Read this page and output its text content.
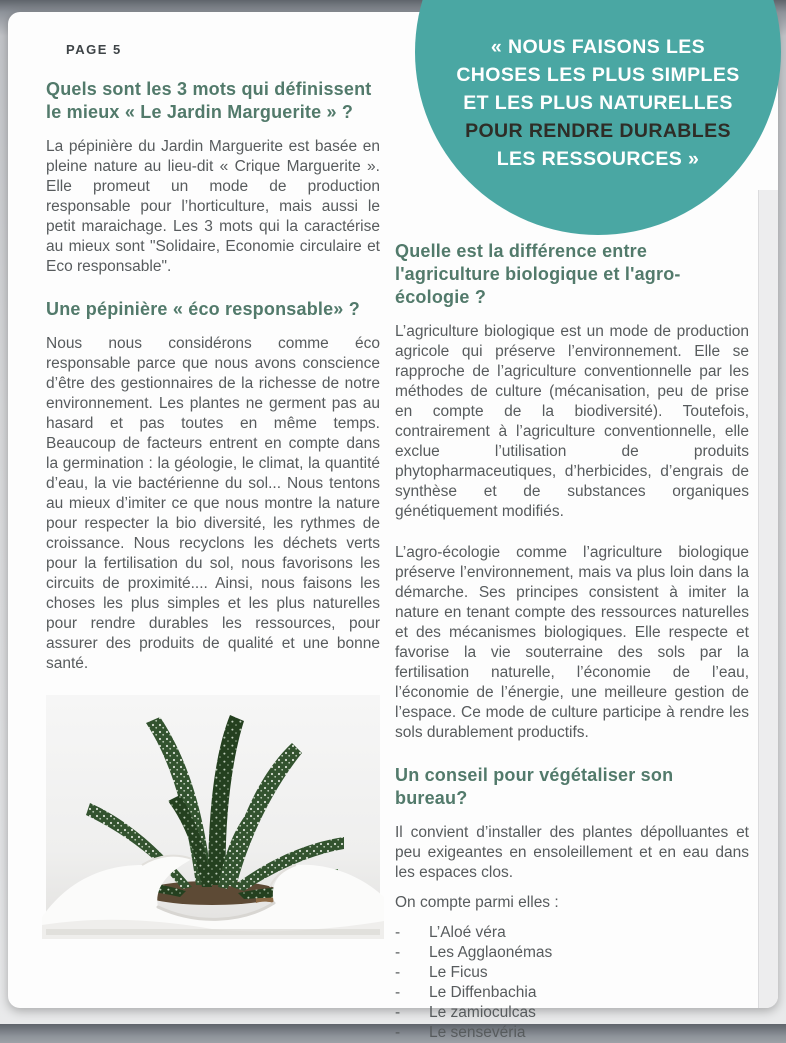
« NOUS FAISONS LES
CHOSES LES PLUS SIMPLES
ET LES PLUS NATURELLES
POUR RENDRE DURABLES
LES RESSOURCES »
PAGE 5
Quels sont les 3 mots qui définissent le mieux « Le Jardin Marguerite » ?

La pépinière du Jardin Marguerite est basée en pleine nature au lieu-dit « Crique Marguerite ». Elle promeut un mode de production responsable pour l’horticulture, mais aussi le petit maraichage. Les 3 mots qui la caractérise au mieux sont "Solidaire, Economie circulaire et Eco responsable".

Une pépinière « éco responsable» ?

Nous nous considérons comme éco responsable parce que nous avons conscience d’être des gestionnaires de la richesse de notre environnement. Les plantes ne germent pas au hasard et pas toutes en même temps. Beaucoup de facteurs entrent en compte dans la germination : la géologie, le climat, la quantité d’eau, la vie bactérienne du sol... Nous tentons au mieux d’imiter ce que nous montre la nature pour respecter la bio diversité, les rythmes de croissance. Nous recyclons les déchets verts pour la fertilisation du sol, nous favorisons les circuits de proximité.... Ainsi, nous faisons les choses les plus simples et les plus naturelles pour rendre durables les ressources, pour assurer des produits de qualité et une bonne santé.

Quelle est la différence entre l'agriculture biologique et l'agro-écologie ?

L’agriculture biologique est un mode de production agricole qui préserve l’environnement. Elle se rapproche de l’agriculture conventionnelle par les méthodes de culture (mécanisation, peu de prise en compte de la biodiversité). Toutefois, contrairement à l’agriculture conventionnelle, elle exclue l’utilisation de produits phytopharmaceutiques, d’herbicides, d’engrais de synthèse et de substances organiques génétiquement modifiés.

L’agro-écologie comme l’agriculture biologique préserve l’environnement, mais va plus loin dans la démarche. Ses principes consistent à imiter la nature en tenant compte des ressources naturelles et des mécanismes biologiques. Elle respecte et favorise la vie souterraine des sols par la fertilisation naturelle, l’économie de l’eau, l’économie de l’énergie, une meilleure gestion de l’espace. Ce mode de culture participe à rendre les sols durablement productifs.

Un conseil pour végétaliser son bureau?

Il convient d’installer des plantes dépolluantes et peu exigeantes en ensoleillement et en eau dans les espaces clos.

On compte parmi elles :

-	L’Aloé véra
-	Les Agglaonémas
-	Le Ficus
-	Le Diffenbachia
-	Le zamioculcas
-	Le sensevéria
